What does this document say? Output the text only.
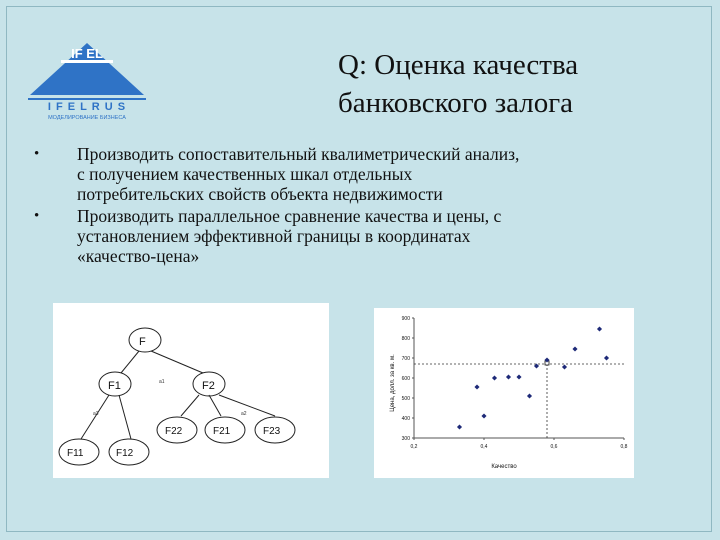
IF EL
I F E L R U S
МОДЕЛИРОВАНИЕ БИЗНЕСА
Q: Оценка качества
банковского залога
• Производить сопоставительный квалиметрический анализ,
с получением качественных шкал отдельных
потребительских свойств объекта недвижимости
• Производить параллельное сравнение качества и цены, с
установлением эффективной границы в координатах
«качество-цена»
F
F1	F2
F11	F12
F22	F21	F23
a1
a2
a3
Цена, долл. за кв. м.
Качество
300
400
500
600
700
800
900
0,2	0,4	0,6	0,8
